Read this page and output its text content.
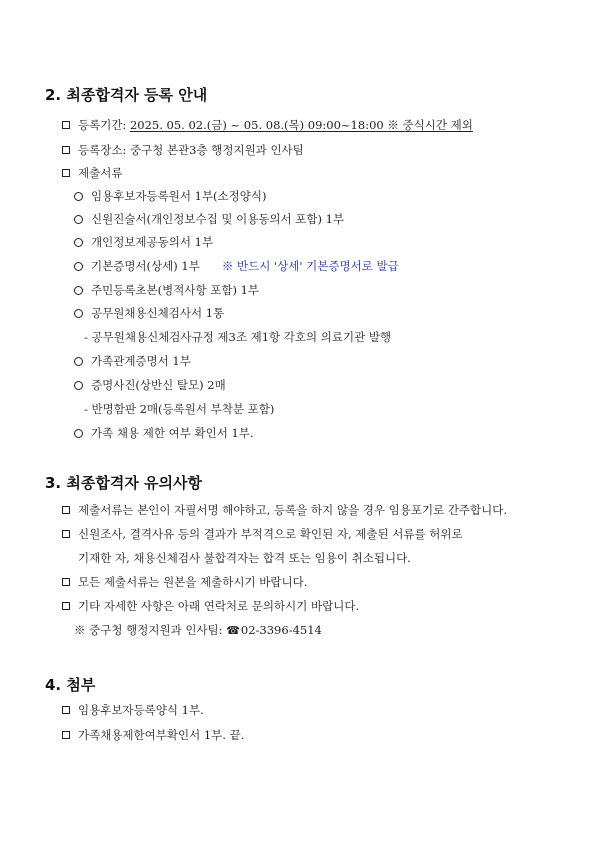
2. 최종합격자 등록 안내
등록기간: 2025. 05. 02.(금) ~ 05. 08.(목) 09:00~18:00 ※ 중식시간 제외
등록장소: 중구청 본관3층 행정지원과 인사팀
제출서류
임용후보자등록원서 1부(소정양식)
신원진술서(개인정보수집 및 이용동의서 포함) 1부
개인정보제공동의서 1부
기본증명서(상세) 1부 ※ 반드시 '상세' 기본증명서로 발급
주민등록초본(병적사항 포함) 1부
공무원채용신체검사서 1통
- 공무원채용신체검사규정 제3조 제1항 각호의 의료기관 발행
가족관계증명서 1부
증명사진(상반신 탈모) 2매
- 반명함판 2매(등록원서 부착분 포함)
가족 채용 제한 여부 확인서 1부.
3. 최종합격자 유의사항
제출서류는 본인이 자필서명 해야하고, 등록을 하지 않을 경우 임용포기로 간주합니다.
신원조사, 결격사유 등의 결과가 부적격으로 확인된 자, 제출된 서류를 허위로
기재한 자, 채용신체검사 불합격자는 합격 또는 임용이 취소됩니다.
모든 제출서류는 원본을 제출하시기 바랍니다.
기타 자세한 사항은 아래 연락처로 문의하시기 바랍니다.
※ 중구청 행정지원과 인사팀: ☎02-3396-4514
4. 첨부
임용후보자등록양식 1부.
가족채용제한여부확인서 1부. 끝.
